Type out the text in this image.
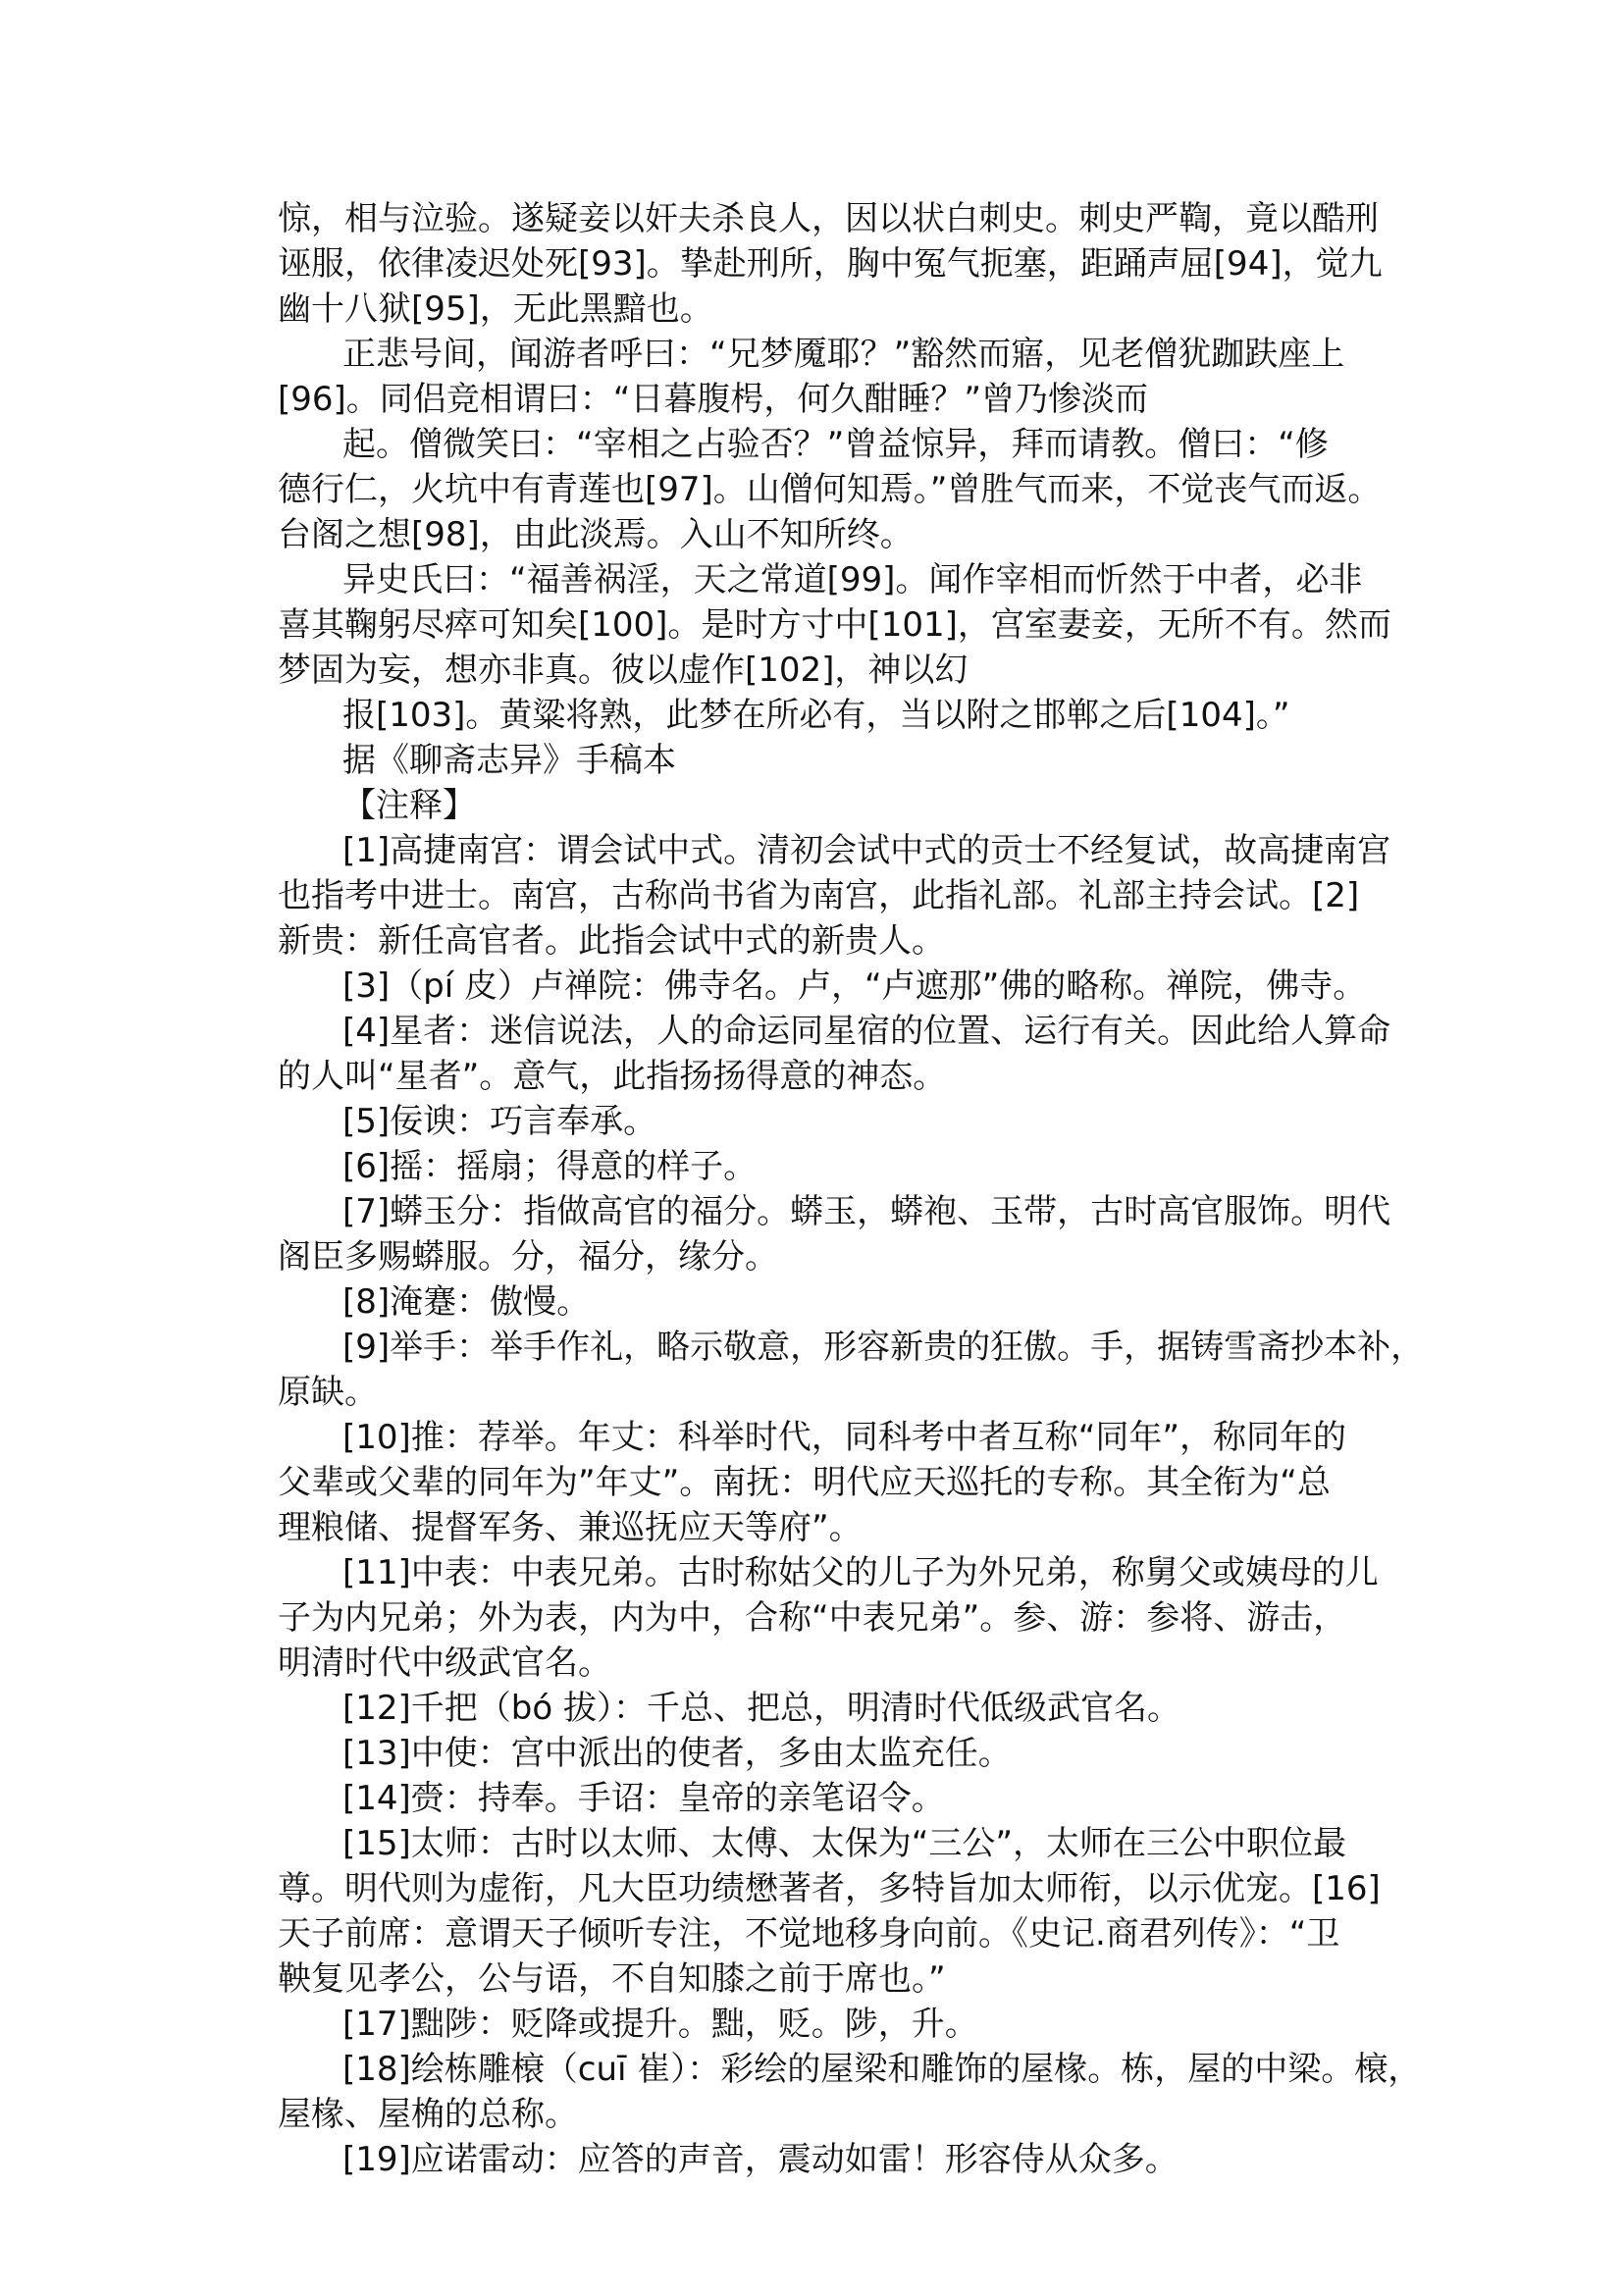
惊，相与泣验。遂疑妾以奸夫杀良人，因以状白刺史。刺史严鞫，竟以酷刑
诬服，依律凌迟处死[93]。挚赴刑所，胸中冤气扼塞，距踊声屈[94]，觉九
幽十八狱[95]，无此黑黯也。
正悲号间，闻游者呼曰：“兄梦魇耶？”豁然而寤，见老僧犹跏趺座上
[96]。同侣竞相谓曰：“日暮腹枵，何久酣睡？”曾乃惨淡而
起。僧微笑曰：“宰相之占验否？”曾益惊异，拜而请教。僧曰：“修
德行仁，火坑中有青莲也[97]。山僧何知焉。”曾胜气而来，不觉丧气而返。
台阁之想[98]，由此淡焉。入山不知所终。
异史氏曰：“福善祸淫，天之常道[99]。闻作宰相而忻然于中者，必非
喜其鞠躬尽瘁可知矣[100]。是时方寸中[101]，宫室妻妾，无所不有。然而
梦固为妄，想亦非真。彼以虚作[102]，神以幻
报[103]。黄粱将熟，此梦在所必有，当以附之邯郸之后[104]。”
据《聊斋志异》手稿本
【注释】
[1]高捷南宫：谓会试中式。清初会试中式的贡士不经复试，故高捷南宫
也指考中进士。南宫，古称尚书省为南宫，此指礼部。礼部主持会试。[2]
新贵：新任高官者。此指会试中式的新贵人。
[3]（pí 皮）卢禅院：佛寺名。卢，“卢遮那”佛的略称。禅院，佛寺。
[4]星者：迷信说法，人的命运同星宿的位置、运行有关。因此给人算命
的人叫“星者”。意气，此指扬扬得意的神态。
[5]佞谀：巧言奉承。
[6]摇：摇扇；得意的样子。
[7]蟒玉分：指做高官的福分。蟒玉，蟒袍、玉带，古时高官服饰。明代
阁臣多赐蟒服。分，福分，缘分。
[8]淹蹇：傲慢。
[9]举手：举手作礼，略示敬意，形容新贵的狂傲。手，据铸雪斋抄本补，
原缺。
[10]推：荐举。年丈：科举时代，同科考中者互称“同年”，称同年的
父辈或父辈的同年为”年丈”。南抚：明代应天巡托的专称。其全衔为“总
理粮储、提督军务、兼巡抚应天等府”。
[11]中表：中表兄弟。古时称姑父的儿子为外兄弟，称舅父或姨母的儿
子为内兄弟；外为表，内为中，合称“中表兄弟”。参、游：参将、游击，
明清时代中级武官名。
[12]千把（bó 拔）：千总、把总，明清时代低级武官名。
[13]中使：宫中派出的使者，多由太监充任。
[14]赍：持奉。手诏：皇帝的亲笔诏令。
[15]太师：古时以太师、太傅、太保为“三公”，太师在三公中职位最
尊。明代则为虚衔，凡大臣功绩懋著者，多特旨加太师衔，以示优宠。[16]
天子前席：意谓天子倾听专注，不觉地移身向前。《史记.商君列传》：“卫
鞅复见孝公，公与语，不自知膝之前于席也。”
[17]黜陟：贬降或提升。黜，贬。陟，升。
[18]绘栋雕榱（cuī 崔）：彩绘的屋梁和雕饰的屋椽。栋，屋的中梁。榱，
屋椽、屋桷的总称。
[19]应诺雷动：应答的声音，震动如雷！形容侍从众多。
